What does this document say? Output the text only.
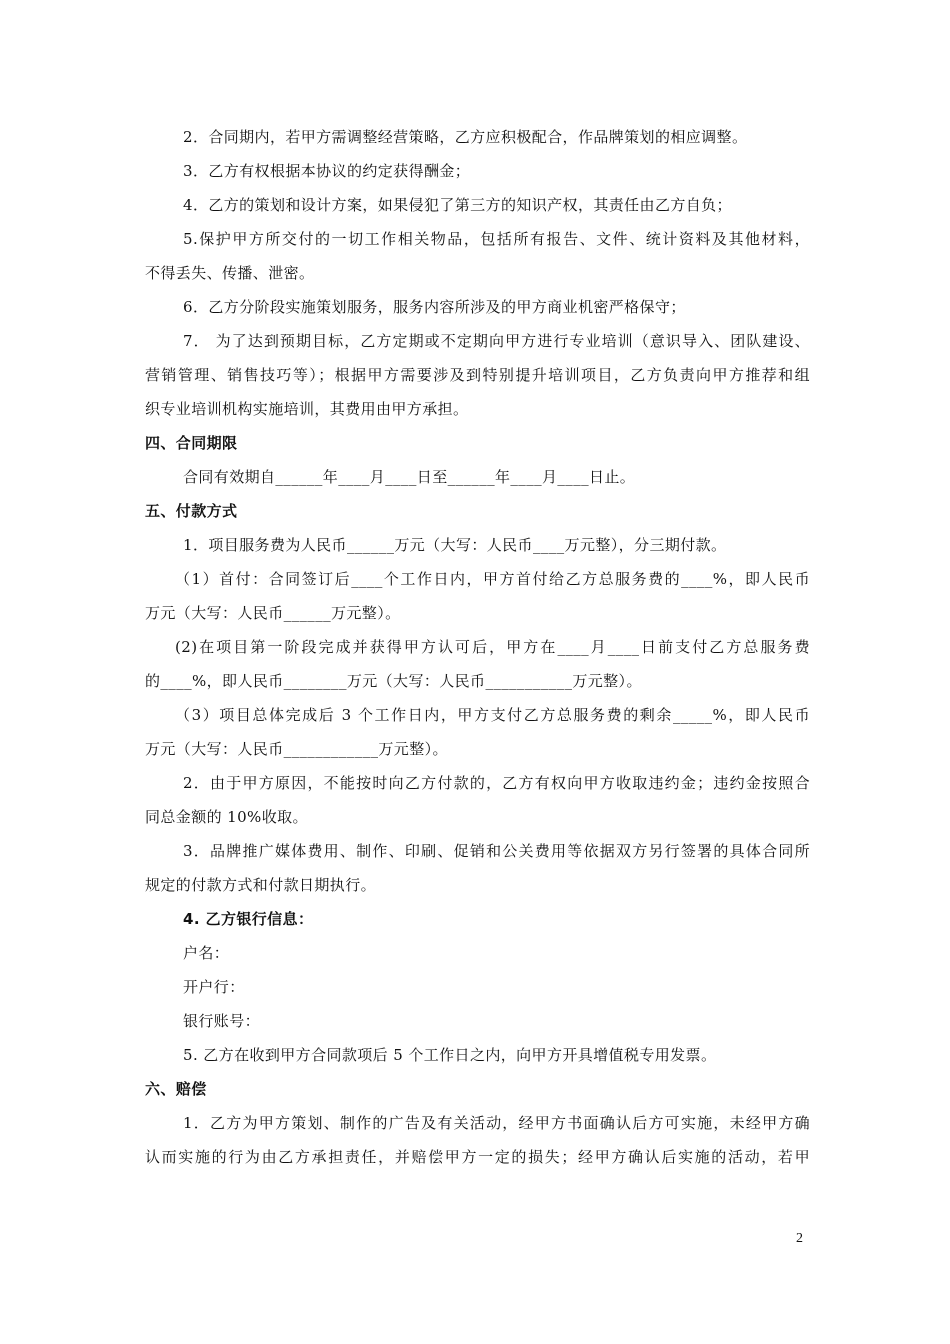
2．合同期内，若甲方需调整经营策略，乙方应积极配合，作品牌策划的相应调整。
3．乙方有权根据本协议的约定获得酬金；
4．乙方的策划和设计方案，如果侵犯了第三方的知识产权，其责任由乙方自负；
5.保护甲方所交付的一切工作相关物品，包括所有报告、文件、统计资料及其他材料，
不得丢失、传播、泄密。
6．乙方分阶段实施策划服务，服务内容所涉及的甲方商业机密严格保守；
7． 为了达到预期目标，乙方定期或不定期向甲方进行专业培训（意识导入、团队建设、
营销管理、销售技巧等）；根据甲方需要涉及到特别提升培训项目，乙方负责向甲方推荐和组
织专业培训机构实施培训，其费用由甲方承担。
四、合同期限
合同有效期自______年____月____日至______年____月____日止。
五、付款方式
1．项目服务费为人民币______万元（大写：人民币____万元整），分三期付款。
（1）首付：合同签订后____个工作日内，甲方首付给乙方总服务费的____%，即人民币
万元（大写：人民币______万元整）。
(2)在项目第一阶段完成并获得甲方认可后，甲方在____月____日前支付乙方总服务费
的____%，即人民币________万元（大写：人民币___________万元整）。
（3）项目总体完成后 3 个工作日内，甲方支付乙方总服务费的剩余_____%，即人民币
万元（大写：人民币____________万元整）。
2．由于甲方原因，不能按时向乙方付款的，乙方有权向甲方收取违约金；违约金按照合
同总金额的 10%收取。
3．品牌推广媒体费用、制作、印刷、促销和公关费用等依据双方另行签署的具体合同所
规定的付款方式和付款日期执行。
4. 乙方银行信息：
户名：
开户行：
银行账号：
5. 乙方在收到甲方合同款项后 5 个工作日之内，向甲方开具增值税专用发票。
六、赔偿
1．乙方为甲方策划、制作的广告及有关活动，经甲方书面确认后方可实施，未经甲方确
认而实施的行为由乙方承担责任，并赔偿甲方一定的损失；经甲方确认后实施的活动，若甲
2
